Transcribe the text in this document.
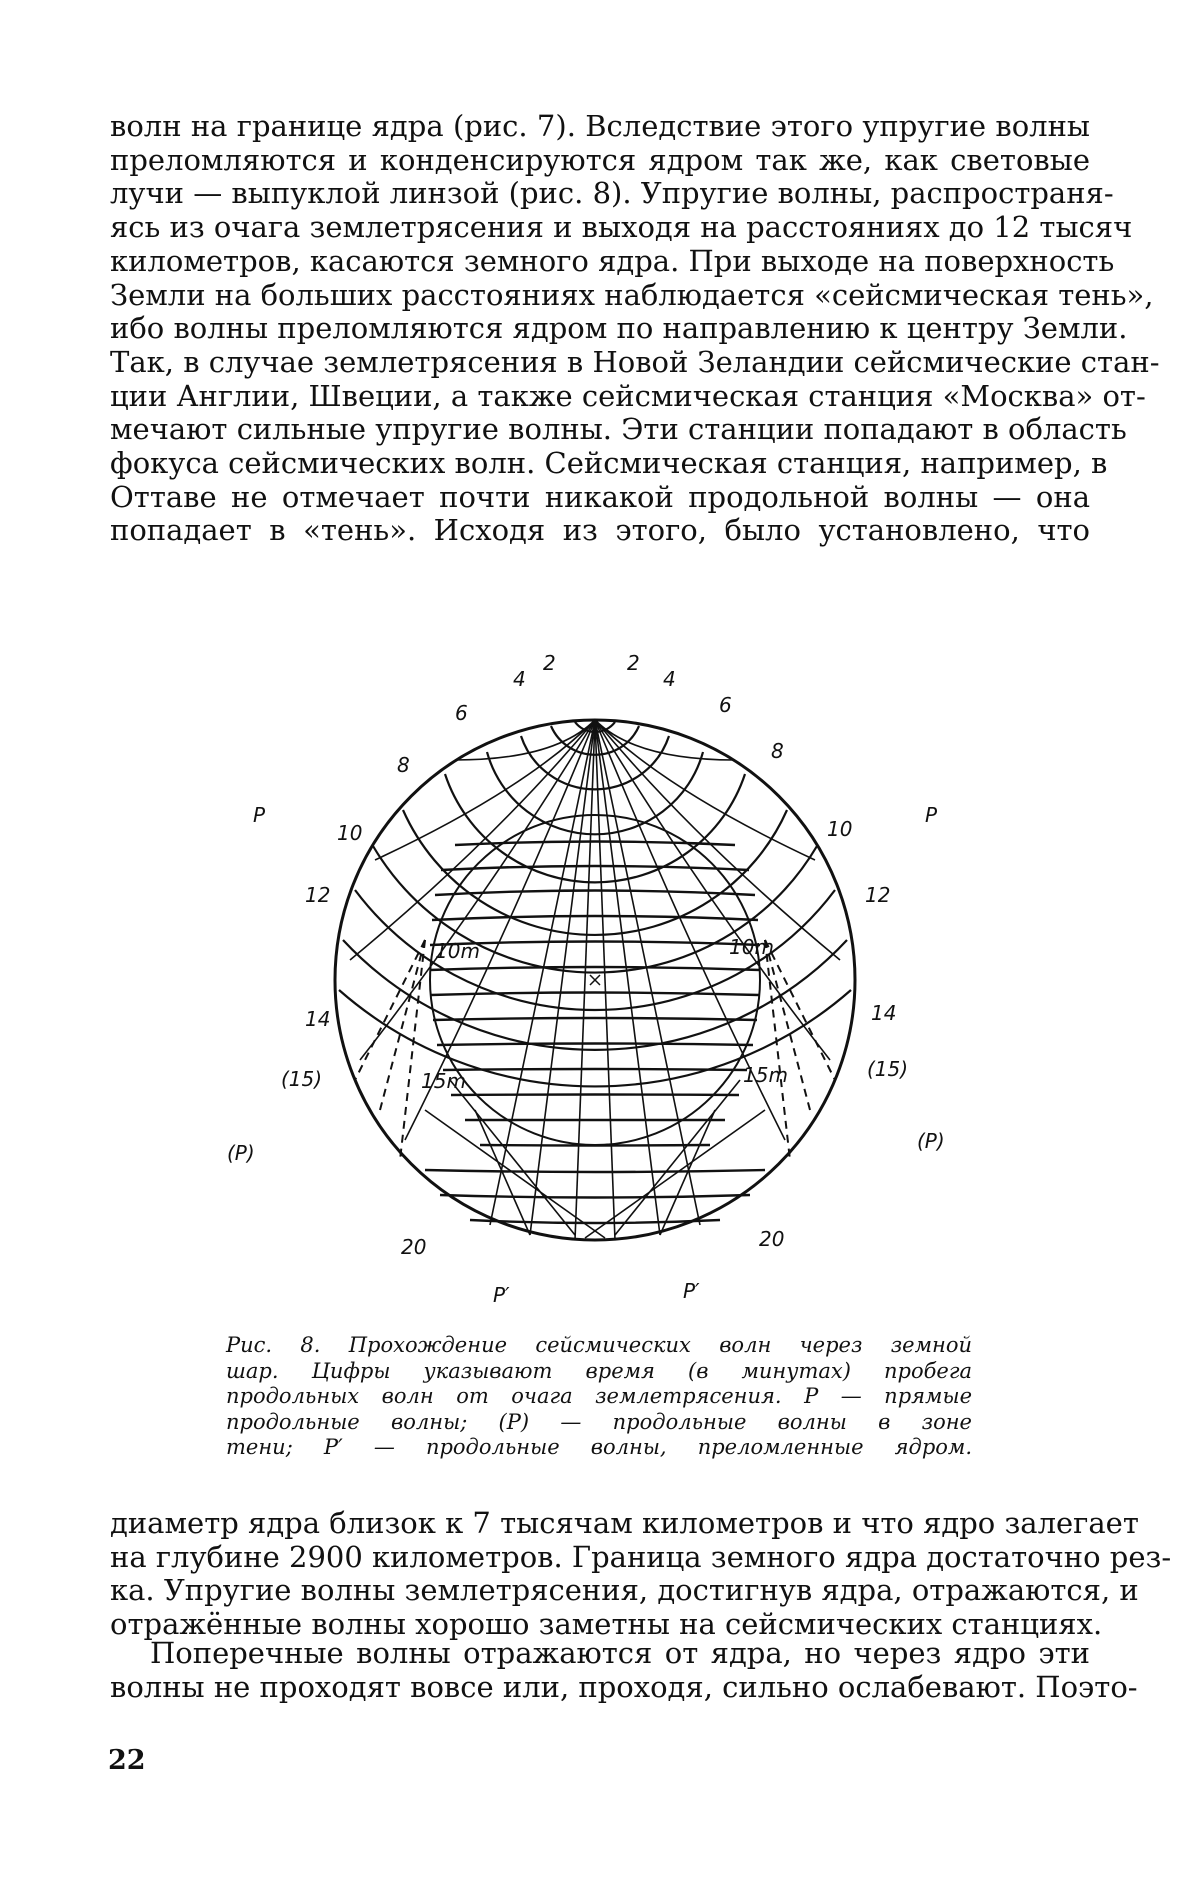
волн на границе ядра (рис. 7). Вследствие этого упругие волны
преломляются и конденсируются ядром так же, как световые
лучи — выпуклой линзой (рис. 8). Упругие волны, распространя-
ясь из очага землетрясения и выходя на расстояниях до 12 тысяч
километров, касаются земного ядра. При выходе на поверхность
Земли на больших расстояниях наблюдается «сейсмическая тень»,
ибо волны преломляются ядром по направлению к центру Земли.
Так, в случае землетрясения в Новой Зеландии сейсмические стан-
ции Англии, Швеции, а также сейсмическая станция «Москва» от-
мечают сильные упругие волны. Эти станции попадают в область
фокуса сейсмических волн. Сейсмическая станция, например, в
Оттаве не отмечает почти никакой продольной волны — она
попадает в «тень». Исходя из этого, было установлено, что
2	2
4	4
6	6
8
8
10	10
12	12
14	14
(15)	(15)
20	20
P	P
(P)	(P)
P′	P′
10m	10m
15m	15m
Рис. 8. Прохождение сейсмических волн через земной
шар. Цифры указывают время (в минутах) пробега
продольных волн от очага землетрясения. P — прямые
продольные волны; (P) — продольные волны в зоне
тени; P′ — продольные волны, преломленные ядром.
диаметр ядра близок к 7 тысячам километров и что ядро залегает
на глубине 2900 километров. Граница земного ядра достаточно рез-
ка. Упругие волны землетрясения, достигнув ядра, отражаются, и
отражённые волны хорошо заметны на сейсмических станциях.
Поперечные волны отражаются от ядра, но через ядро эти
волны не проходят вовсе или, проходя, сильно ослабевают. Поэто-
22
